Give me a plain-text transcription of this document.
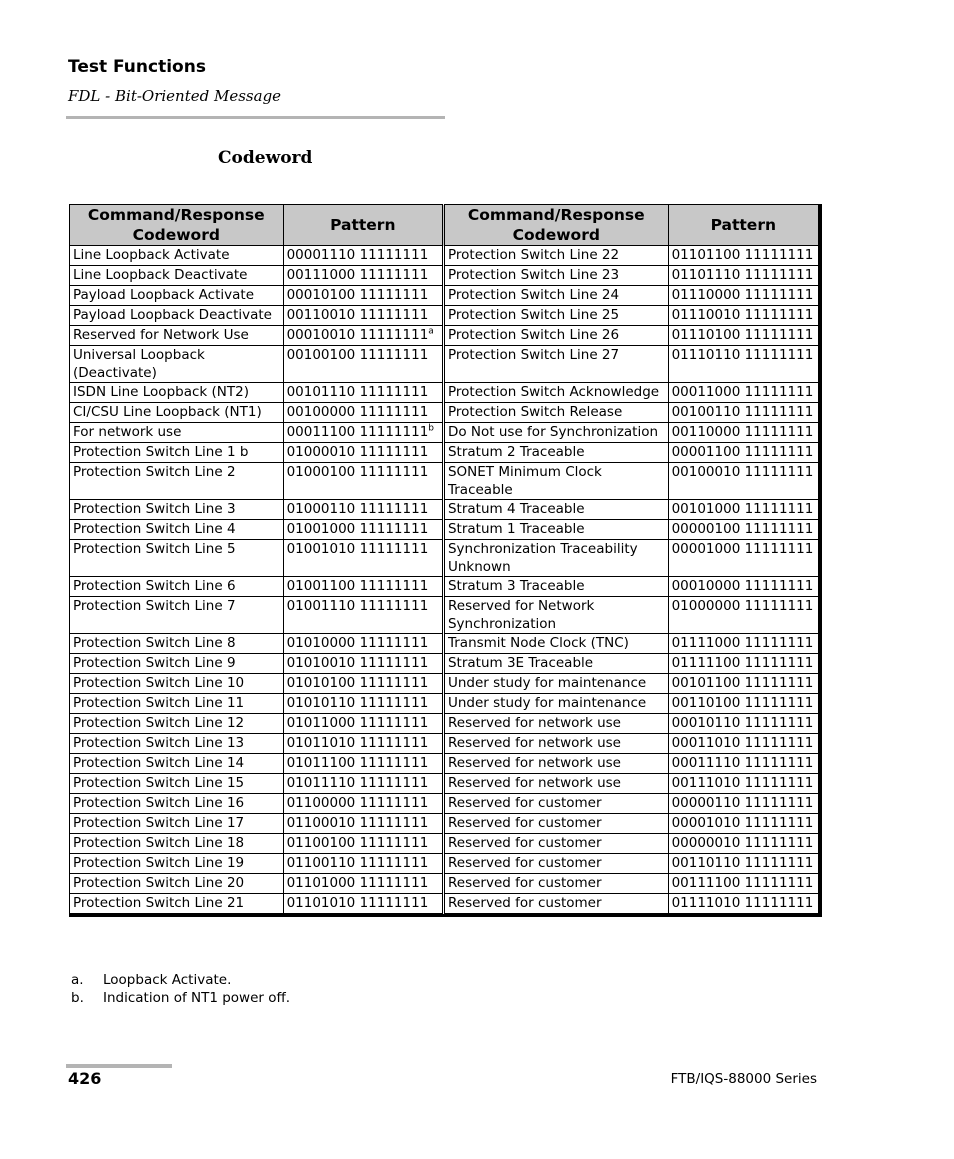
Test Functions

FDL - Bit-Oriented Message

Codeword
Command/Response Codeword	Pattern	Command/Response Codeword	Pattern
Line Loopback Activate	00001110 11111111	Protection Switch Line 22	01101100 11111111
Line Loopback Deactivate	00111000 11111111	Protection Switch Line 23	01101110 11111111
Payload Loopback Activate	00010100 11111111	Protection Switch Line 24	01110000 11111111
Payload Loopback Deactivate	00110010 11111111	Protection Switch Line 25	01110010 11111111
Reserved for Network Use	00010010 11111111$^a$	Protection Switch Line 26	01110100 11111111
Universal Loopback (Deactivate)	00100100 11111111	Protection Switch Line 27	01110110 11111111
ISDN Line Loopback (NT2)	00101110 11111111	Protection Switch Acknowledge	00011000 11111111
CI/CSU Line Loopback (NT1)	00100000 11111111	Protection Switch Release	00100110 11111111
For network use	00011100 11111111$^b$	Do Not use for Synchronization	00110000 11111111
Protection Switch Line 1 b	01000010 11111111	Stratum 2 Traceable	00001100 11111111
Protection Switch Line 2	01000100 11111111	SONET Minimum Clock Traceable	00100010 11111111
Protection Switch Line 3	01000110 11111111	Stratum 4 Traceable	00101000 11111111
Protection Switch Line 4	01001000 11111111	Stratum 1 Traceable	00000100 11111111
Protection Switch Line 5	01001010 11111111	Synchronization Traceability Unknown	00001000 11111111
Protection Switch Line 6	01001100 11111111	Stratum 3 Traceable	00010000 11111111
Protection Switch Line 7	01001110 11111111	Reserved for Network Synchronization	01000000 11111111
Protection Switch Line 8	01010000 11111111	Transmit Node Clock (TNC)	01111000 11111111
Protection Switch Line 9	01010010 11111111	Stratum 3E Traceable	01111100 11111111
Protection Switch Line 10	01010100 11111111	Under study for maintenance	00101100 11111111
Protection Switch Line 11	01010110 11111111	Under study for maintenance	00110100 11111111
Protection Switch Line 12	01011000 11111111	Reserved for network use	00010110 11111111
Protection Switch Line 13	01011010 11111111	Reserved for network use	00011010 11111111
Protection Switch Line 14	01011100 11111111	Reserved for network use	00011110 11111111
Protection Switch Line 15	01011110 11111111	Reserved for network use	00111010 11111111
Protection Switch Line 16	01100000 11111111	Reserved for customer	00000110 11111111
Protection Switch Line 17	01100010 11111111	Reserved for customer	00001010 11111111
Protection Switch Line 18	01100100 11111111	Reserved for customer	00000010 11111111
Protection Switch Line 19	01100110 11111111	Reserved for customer	00110110 11111111
Protection Switch Line 20	01101000 11111111	Reserved for customer	00111100 11111111
Protection Switch Line 21	01101010 11111111	Reserved for customer	01111010 11111111
a.	Loopback Activate.
b.	Indication of NT1 power off.
426	FTB/IQS-88000 Series
